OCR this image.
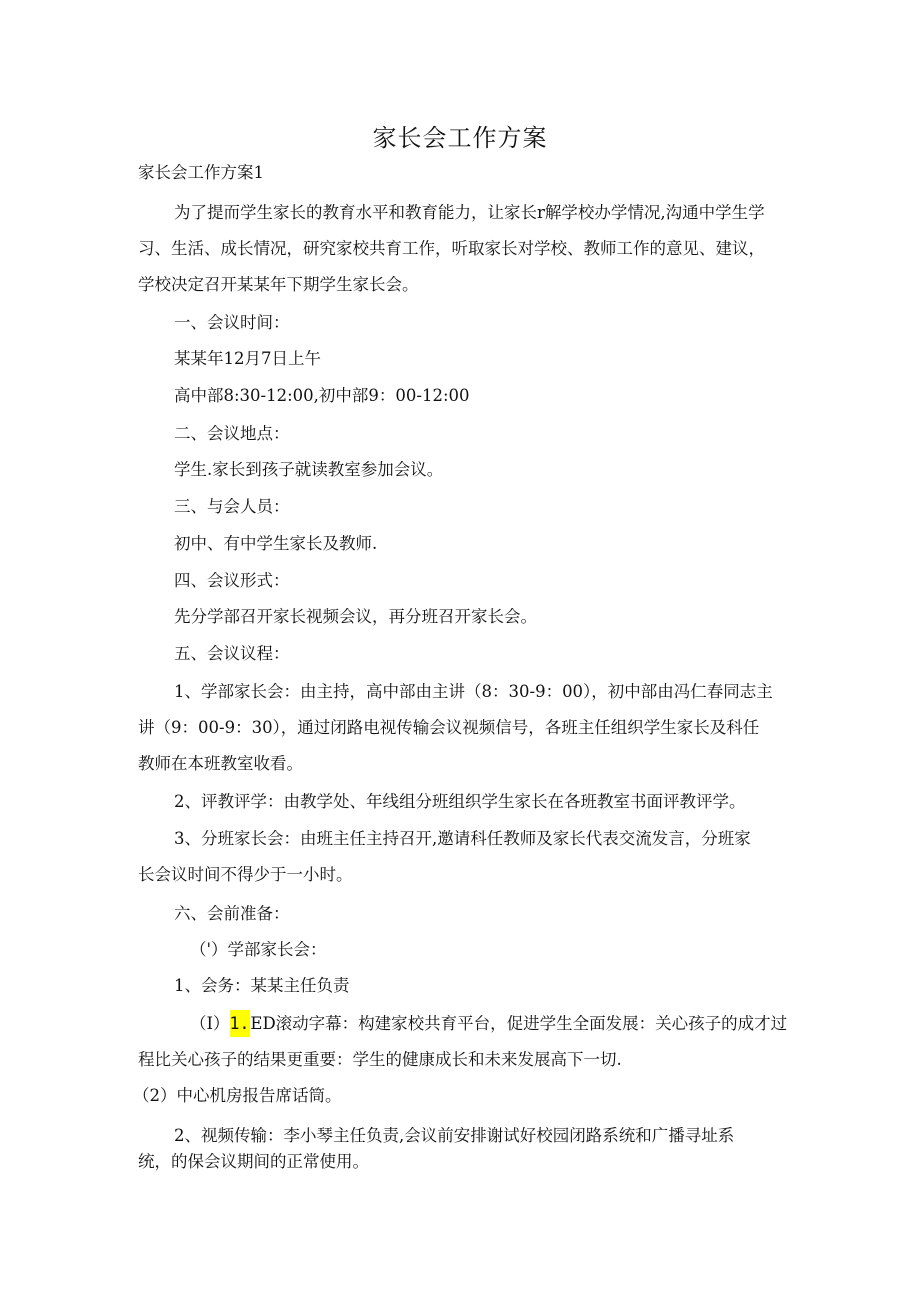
家长会工作方案
家长会工作方案1
为了提而学生家长的教育水平和教育能力，让家长r解学校办学情况,沟通中学生学
习、生活、成长情况，研究家校共育工作，听取家长对学校、教师工作的意见、建议，
学校决定召开某某年下期学生家长会。
一、会议时间：
某某年12月7日上午
高中部8:30-12:00,初中部9：00-12:00
二、会议地点：
学生.家长到孩子就读教室参加会议。
三、与会人员：
初中、有中学生家长及教师.
四、会议形式：
先分学部召开家长视频会议，再分班召开家长会。
五、会议议程：
1、学部家长会：由主持，高中部由主讲（8：30-9：00），初中部由冯仁春同志主
讲（9：00-9：30），通过闭路电视传输会议视频信号，各班主任组织学生家长及科任
教师在本班教室收看。
2、评教评学：由教学处、年线组分班组织学生家长在各班教室书面评教评学。
3、分班家长会：由班主任主持召开,邀请科任教师及家长代表交流发言，分班家
长会议时间不得少于一小时。
六、会前准备：
（'）学部家长会：
1、会务：某某主任负责
（I）1.ED滚动字幕：构建家校共育平台，促进学生全面发展：关心孩子的成才过
程比关心孩子的结果更重要：学生的健康成长和未来发展高下一切.
（2）中心机房报告席话筒。
2、视频传输：李小琴主任负责,会议前安排谢试好校园闭路系统和广播寻址系
统，的保会议期间的正常使用。
